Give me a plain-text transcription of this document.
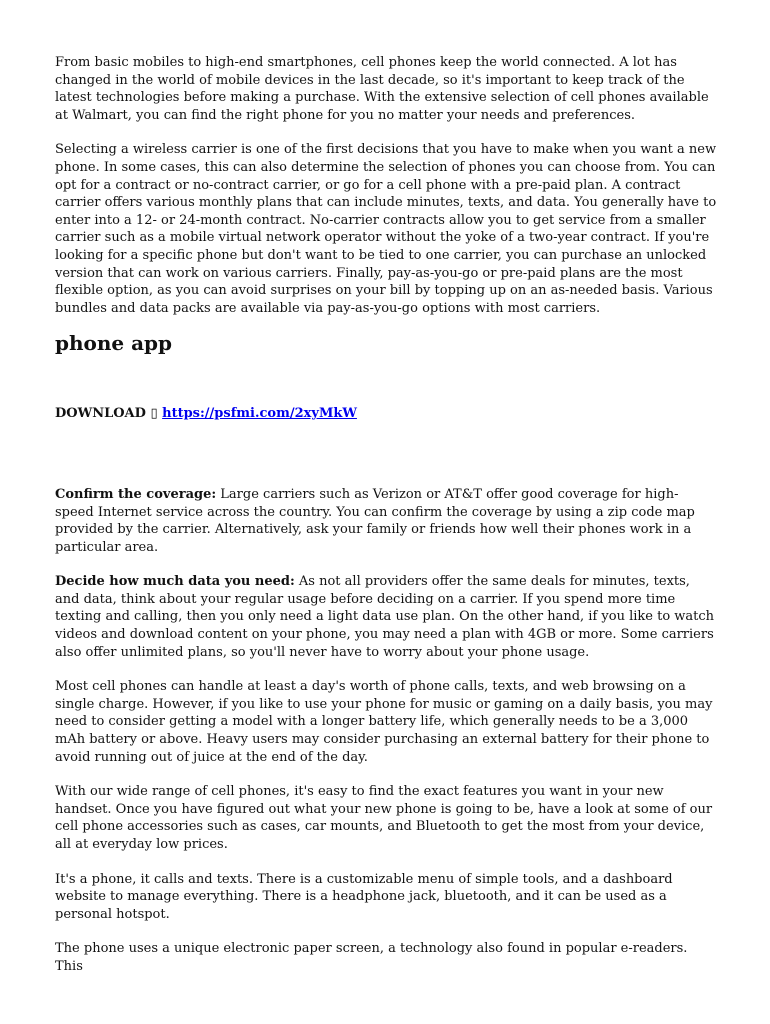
From basic mobiles to high-end smartphones, cell phones keep the world connected. A lot has changed in the world of mobile devices in the last decade, so it's important to keep track of the latest technologies before making a purchase. With the extensive selection of cell phones available at Walmart, you can find the right phone for you no matter your needs and preferences.

Selecting a wireless carrier is one of the first decisions that you have to make when you want a new phone. In some cases, this can also determine the selection of phones you can choose from. You can opt for a contract or no-contract carrier, or go for a cell phone with a pre-paid plan. A contract carrier offers various monthly plans that can include minutes, texts, and data. You generally have to enter into a 12- or 24-month contract. No-carrier contracts allow you to get service from a smaller carrier such as a mobile virtual network operator without the yoke of a two-year contract. If you're looking for a specific phone but don't want to be tied to one carrier, you can purchase an unlocked version that can work on various carriers. Finally, pay-as-you-go or pre-paid plans are the most flexible option, as you can avoid surprises on your bill by topping up on an as-needed basis. Various bundles and data packs are available via pay-as-you-go options with most carriers.

phone app
DOWNLOAD ▯ https://psfmi.com/2xyMkW

Confirm the coverage: Large carriers such as Verizon or AT&T offer good coverage for high-speed Internet service across the country. You can confirm the coverage by using a zip code map provided by the carrier. Alternatively, ask your family or friends how well their phones work in a particular area.

Decide how much data you need: As not all providers offer the same deals for minutes, texts, and data, think about your regular usage before deciding on a carrier. If you spend more time texting and calling, then you only need a light data use plan. On the other hand, if you like to watch videos and download content on your phone, you may need a plan with 4GB or more. Some carriers also offer unlimited plans, so you'll never have to worry about your phone usage.

Most cell phones can handle at least a day's worth of phone calls, texts, and web browsing on a single charge. However, if you like to use your phone for music or gaming on a daily basis, you may need to consider getting a model with a longer battery life, which generally needs to be a 3,000 mAh battery or above. Heavy users may consider purchasing an external battery for their phone to avoid running out of juice at the end of the day.

With our wide range of cell phones, it's easy to find the exact features you want in your new handset. Once you have figured out what your new phone is going to be, have a look at some of our cell phone accessories such as cases, car mounts, and Bluetooth to get the most from your device, all at everyday low prices.

It's a phone, it calls and texts. There is a customizable menu of simple tools, and a dashboard website to manage everything. There is a headphone jack, bluetooth, and it can be used as a personal hotspot.

The phone uses a unique electronic paper screen, a technology also found in popular e-readers. This
